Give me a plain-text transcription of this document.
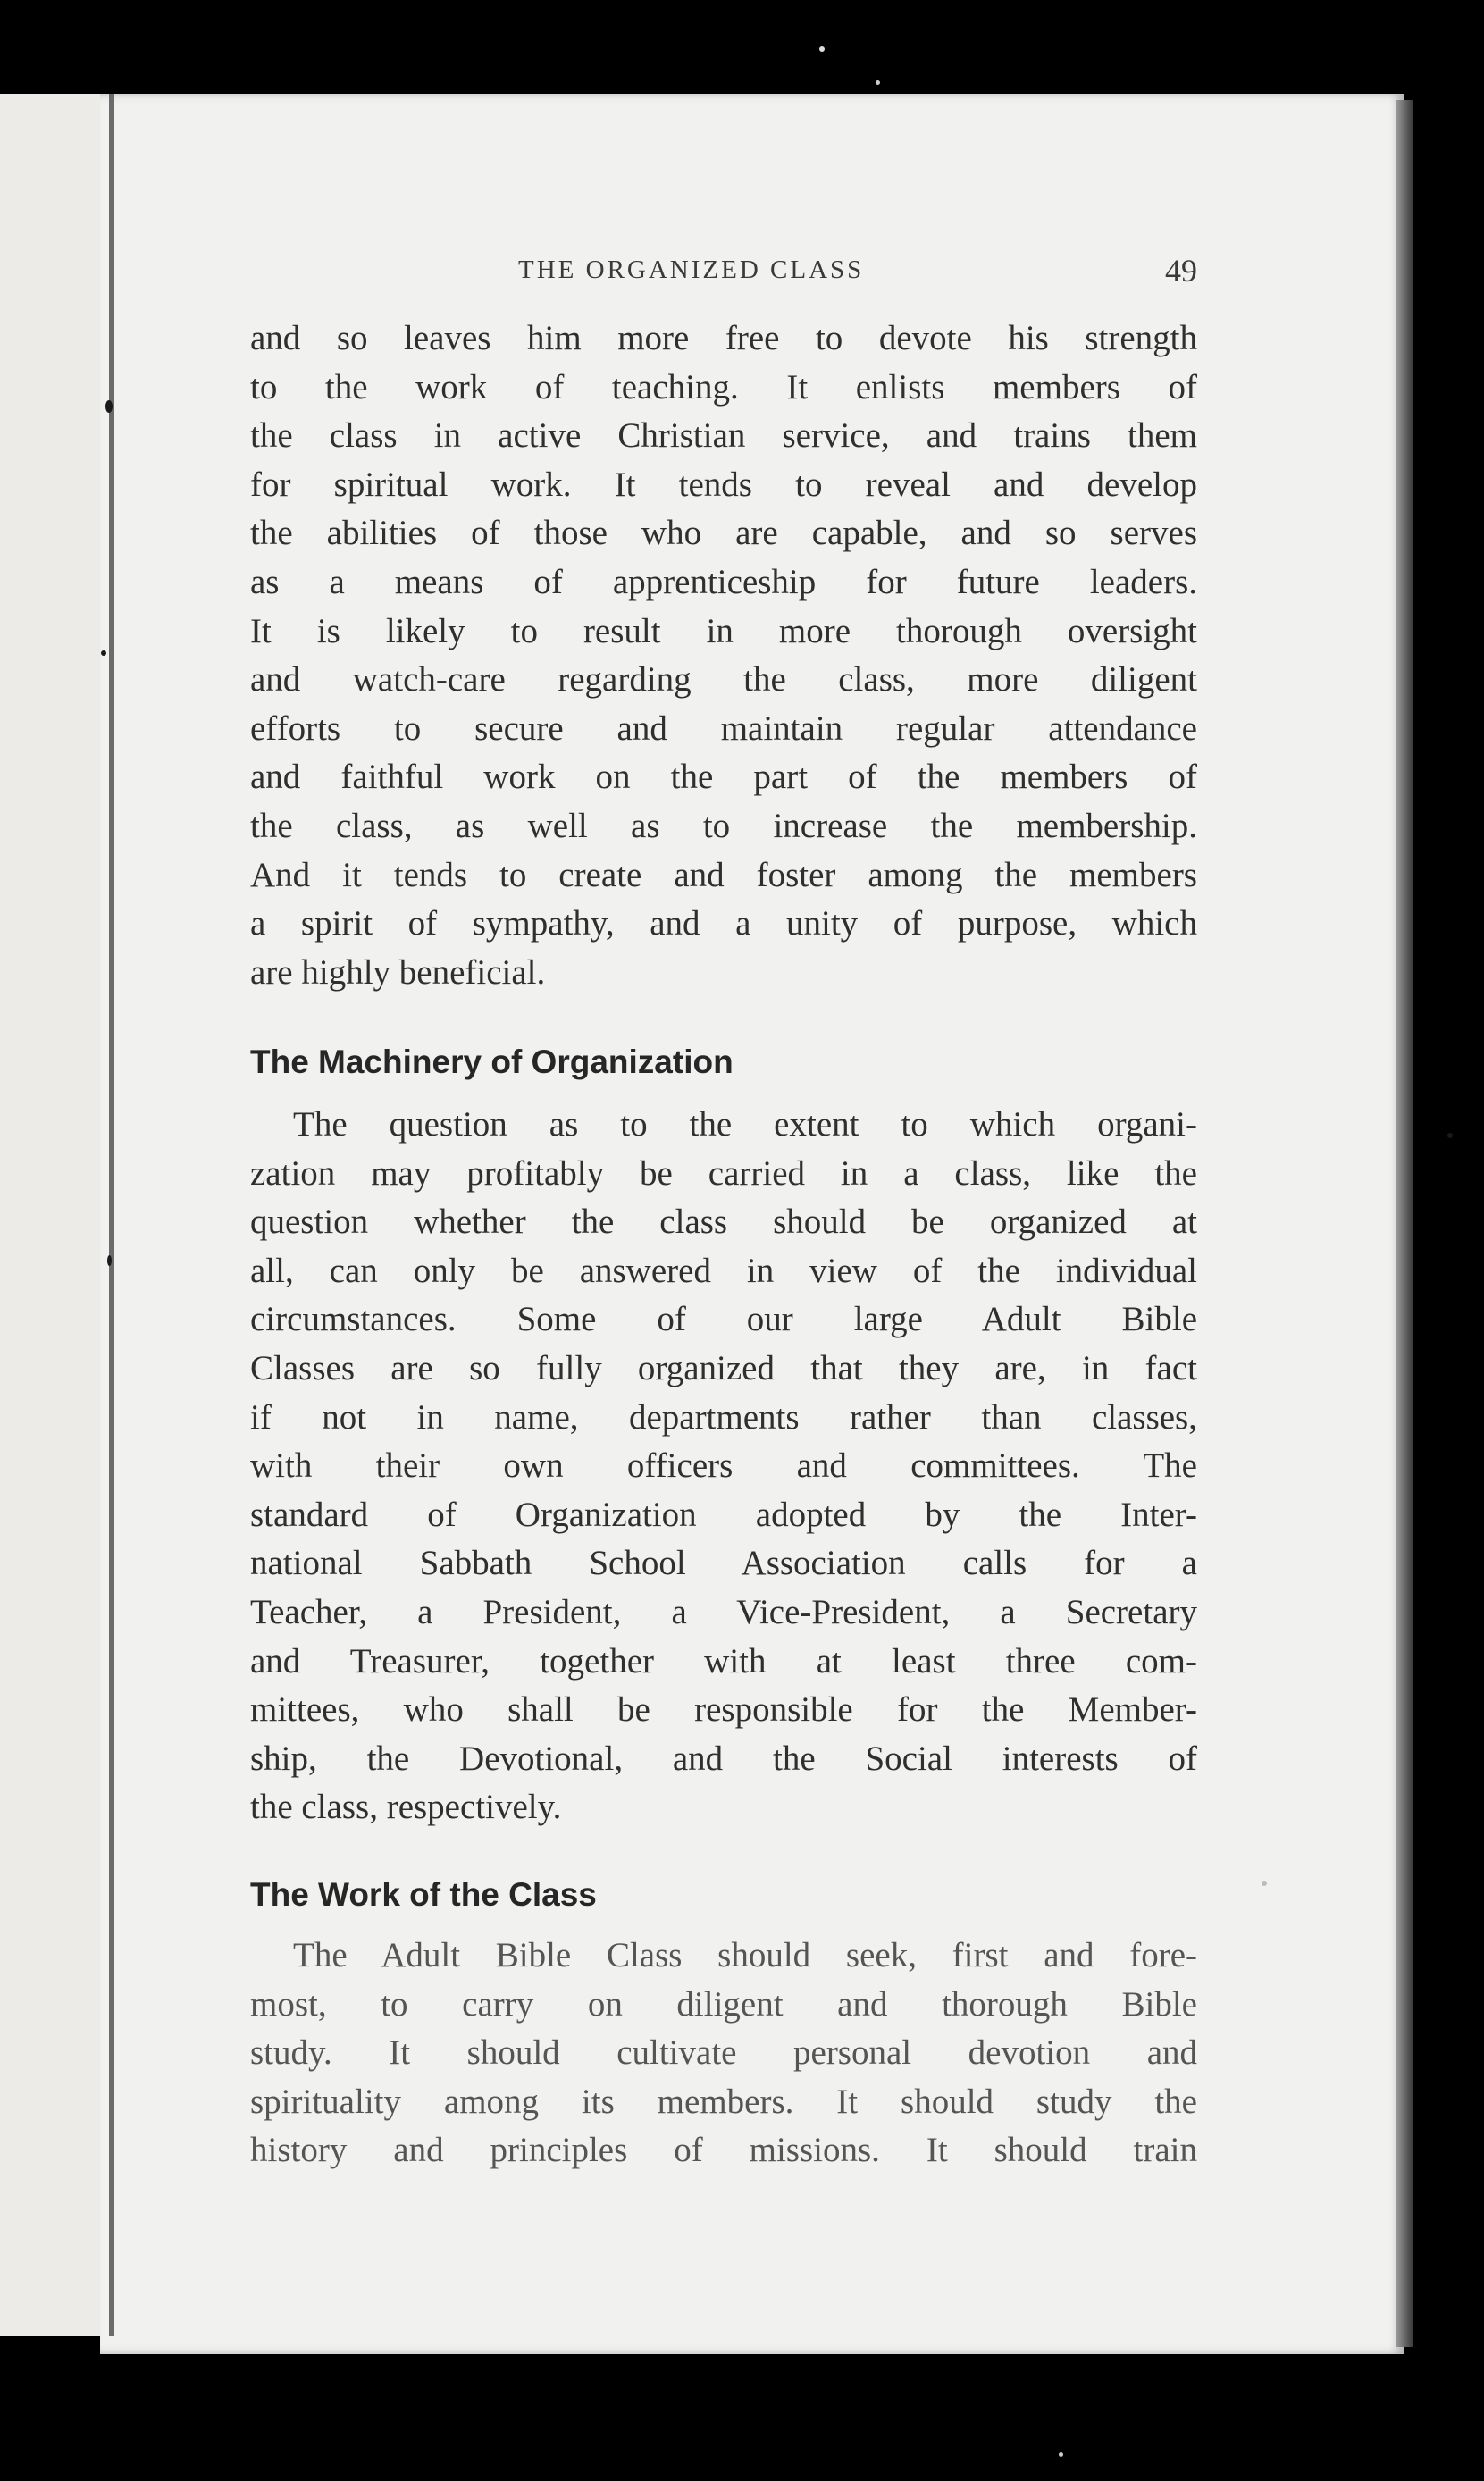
THE ORGANIZED CLASS	49
and so leaves him more free to devote his strength
to the work of teaching. It enlists members of
the class in active Christian service, and trains them
for spiritual work. It tends to reveal and develop
the abilities of those who are capable, and so serves
as a means of apprenticeship for future leaders.
It is likely to result in more thorough oversight
and watch-care regarding the class, more diligent
efforts to secure and maintain regular attendance
and faithful work on the part of the members of
the class, as well as to increase the membership.
And it tends to create and foster among the members
a spirit of sympathy, and a unity of purpose, which
are highly beneficial.
The Machinery of Organization
The question as to the extent to which organi-
zation may profitably be carried in a class, like the
question whether the class should be organized at
all, can only be answered in view of the individual
circumstances. Some of our large Adult Bible
Classes are so fully organized that they are, in fact
if not in name, departments rather than classes,
with their own officers and committees. The
standard of Organization adopted by the Inter-
national Sabbath School Association calls for a
Teacher, a President, a Vice-President, a Secretary
and Treasurer, together with at least three com-
mittees, who shall be responsible for the Member-
ship, the Devotional, and the Social interests of
the class, respectively.
The Work of the Class
The Adult Bible Class should seek, first and fore-
most, to carry on diligent and thorough Bible
study. It should cultivate personal devotion and
spirituality among its members. It should study the
history and principles of missions. It should train
